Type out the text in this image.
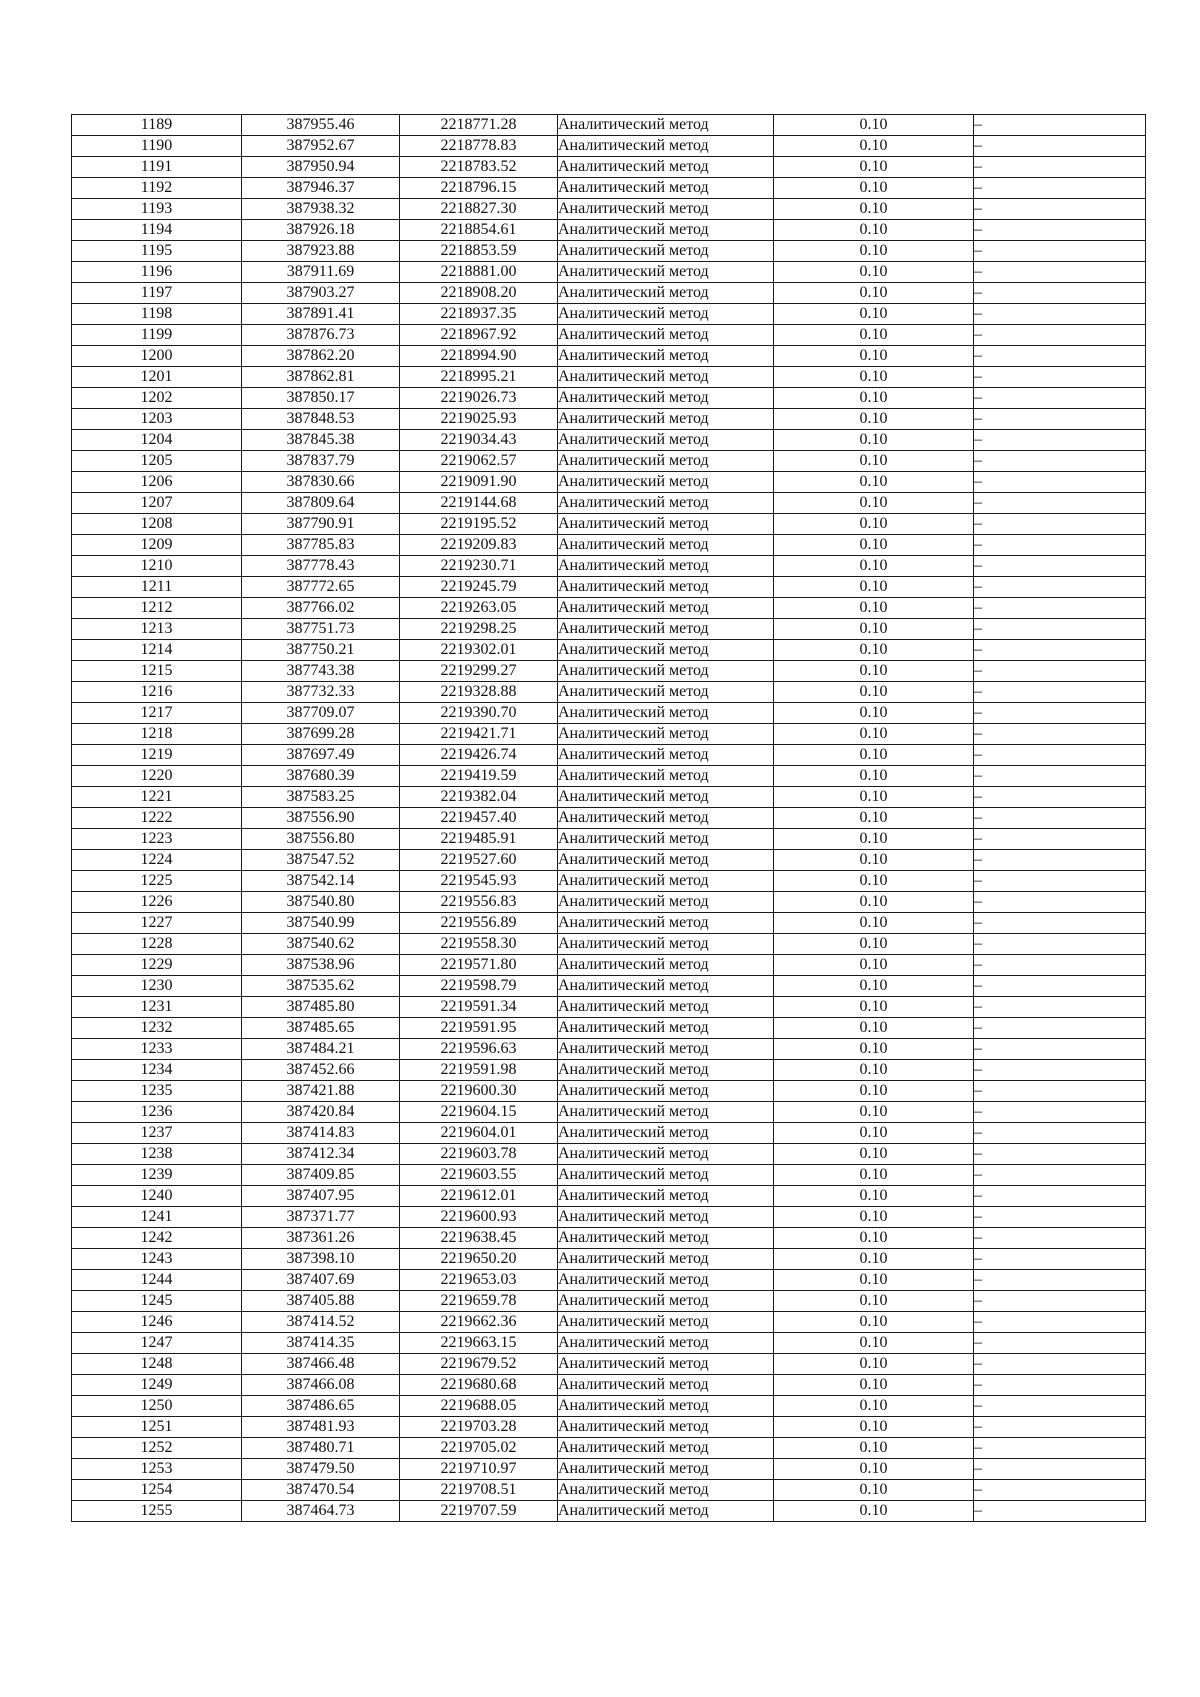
1189	387955.46	2218771.28	Аналитический метод	0.10	–
1190	387952.67	2218778.83	Аналитический метод	0.10	–
1191	387950.94	2218783.52	Аналитический метод	0.10	–
1192	387946.37	2218796.15	Аналитический метод	0.10	–
1193	387938.32	2218827.30	Аналитический метод	0.10	–
1194	387926.18	2218854.61	Аналитический метод	0.10	–
1195	387923.88	2218853.59	Аналитический метод	0.10	–
1196	387911.69	2218881.00	Аналитический метод	0.10	–
1197	387903.27	2218908.20	Аналитический метод	0.10	–
1198	387891.41	2218937.35	Аналитический метод	0.10	–
1199	387876.73	2218967.92	Аналитический метод	0.10	–
1200	387862.20	2218994.90	Аналитический метод	0.10	–
1201	387862.81	2218995.21	Аналитический метод	0.10	–
1202	387850.17	2219026.73	Аналитический метод	0.10	–
1203	387848.53	2219025.93	Аналитический метод	0.10	–
1204	387845.38	2219034.43	Аналитический метод	0.10	–
1205	387837.79	2219062.57	Аналитический метод	0.10	–
1206	387830.66	2219091.90	Аналитический метод	0.10	–
1207	387809.64	2219144.68	Аналитический метод	0.10	–
1208	387790.91	2219195.52	Аналитический метод	0.10	–
1209	387785.83	2219209.83	Аналитический метод	0.10	–
1210	387778.43	2219230.71	Аналитический метод	0.10	–
1211	387772.65	2219245.79	Аналитический метод	0.10	–
1212	387766.02	2219263.05	Аналитический метод	0.10	–
1213	387751.73	2219298.25	Аналитический метод	0.10	–
1214	387750.21	2219302.01	Аналитический метод	0.10	–
1215	387743.38	2219299.27	Аналитический метод	0.10	–
1216	387732.33	2219328.88	Аналитический метод	0.10	–
1217	387709.07	2219390.70	Аналитический метод	0.10	–
1218	387699.28	2219421.71	Аналитический метод	0.10	–
1219	387697.49	2219426.74	Аналитический метод	0.10	–
1220	387680.39	2219419.59	Аналитический метод	0.10	–
1221	387583.25	2219382.04	Аналитический метод	0.10	–
1222	387556.90	2219457.40	Аналитический метод	0.10	–
1223	387556.80	2219485.91	Аналитический метод	0.10	–
1224	387547.52	2219527.60	Аналитический метод	0.10	–
1225	387542.14	2219545.93	Аналитический метод	0.10	–
1226	387540.80	2219556.83	Аналитический метод	0.10	–
1227	387540.99	2219556.89	Аналитический метод	0.10	–
1228	387540.62	2219558.30	Аналитический метод	0.10	–
1229	387538.96	2219571.80	Аналитический метод	0.10	–
1230	387535.62	2219598.79	Аналитический метод	0.10	–
1231	387485.80	2219591.34	Аналитический метод	0.10	–
1232	387485.65	2219591.95	Аналитический метод	0.10	–
1233	387484.21	2219596.63	Аналитический метод	0.10	–
1234	387452.66	2219591.98	Аналитический метод	0.10	–
1235	387421.88	2219600.30	Аналитический метод	0.10	–
1236	387420.84	2219604.15	Аналитический метод	0.10	–
1237	387414.83	2219604.01	Аналитический метод	0.10	–
1238	387412.34	2219603.78	Аналитический метод	0.10	–
1239	387409.85	2219603.55	Аналитический метод	0.10	–
1240	387407.95	2219612.01	Аналитический метод	0.10	–
1241	387371.77	2219600.93	Аналитический метод	0.10	–
1242	387361.26	2219638.45	Аналитический метод	0.10	–
1243	387398.10	2219650.20	Аналитический метод	0.10	–
1244	387407.69	2219653.03	Аналитический метод	0.10	–
1245	387405.88	2219659.78	Аналитический метод	0.10	–
1246	387414.52	2219662.36	Аналитический метод	0.10	–
1247	387414.35	2219663.15	Аналитический метод	0.10	–
1248	387466.48	2219679.52	Аналитический метод	0.10	–
1249	387466.08	2219680.68	Аналитический метод	0.10	–
1250	387486.65	2219688.05	Аналитический метод	0.10	–
1251	387481.93	2219703.28	Аналитический метод	0.10	–
1252	387480.71	2219705.02	Аналитический метод	0.10	–
1253	387479.50	2219710.97	Аналитический метод	0.10	–
1254	387470.54	2219708.51	Аналитический метод	0.10	–
1255	387464.73	2219707.59	Аналитический метод	0.10	–
